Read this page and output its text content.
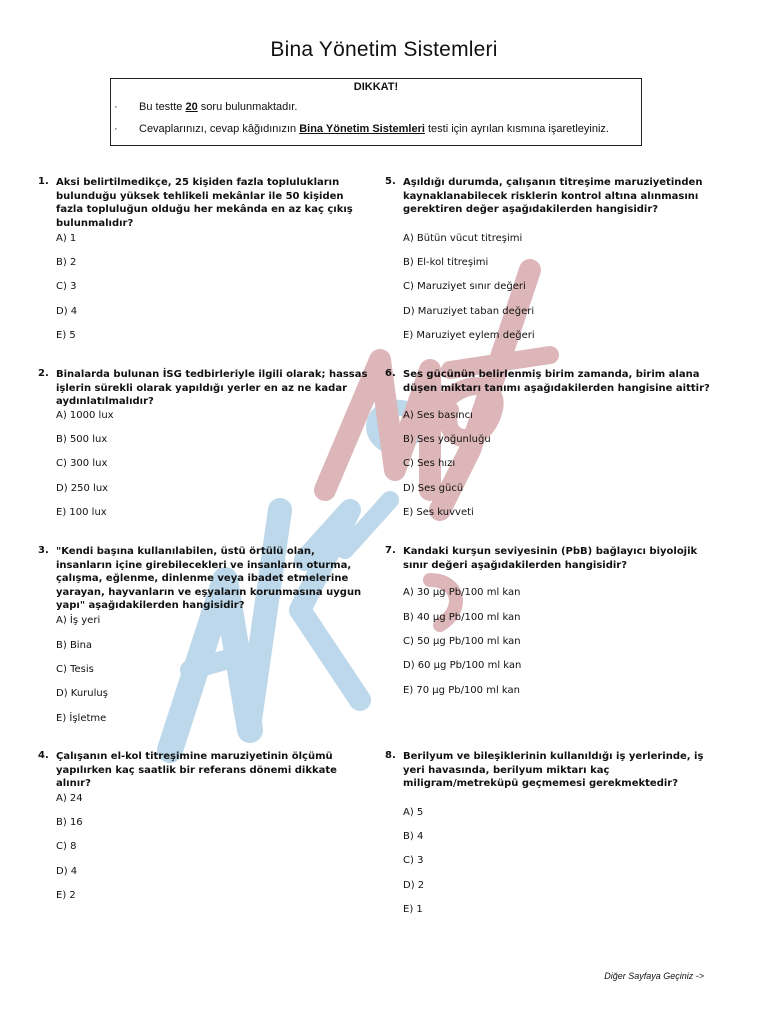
Bina Yönetim Sistemleri
DIKKAT!
· Bu testte 20 soru bulunmaktadır.
· Cevaplarınızı, cevap kâğıdınızın Bina Yönetim Sistemleri testi için ayrılan kısmına işaretleyiniz.
1. Aksi belirtilmedikçe, 25 kişiden fazla toplulukların bulunduğu yüksek tehlikeli mekânlar ile 50 kişiden fazla topluluğun olduğu her mekânda en az kaç çıkış bulunmalıdır?
A) 1
B) 2
C) 3
D) 4
E) 5
2. Binalarda bulunan İSG tedbirleriyle ilgili olarak; hassas işlerin sürekli olarak yapıldığı yerler en az ne kadar aydınlatılmalıdır?
A) 1000 lux
B) 500 lux
C) 300 lux
D) 250 lux
E) 100 lux
3. "Kendi başına kullanılabilen, üstü örtülü olan, insanların içine girebilecekleri ve insanların oturma, çalışma, eğlenme, dinlenme veya ibadet etmelerine yarayan, hayvanların ve eşyaların korunmasına uygun yapı" aşağıdakilerden hangisidir?
A) İş yeri
B) Bina
C) Tesis
D) Kuruluş
E) İşletme
4. Çalışanın el-kol titreşimine maruziyetinin ölçümü yapılırken kaç saatlik bir referans dönemi dikkate alınır?
A) 24
B) 16
C) 8
D) 4
E) 2
5. Aşıldığı durumda, çalışanın titreşime maruziyetinden kaynaklanabilecek risklerin kontrol altına alınmasını gerektiren değer aşağıdakilerden hangisidir?
A) Bütün vücut titreşimi
B) El-kol titreşimi
C) Maruziyet sınır değeri
D) Maruziyet taban değeri
E) Maruziyet eylem değeri
6. Ses gücünün belirlenmiş birim zamanda, birim alana düşen miktarı tanımı aşağıdakilerden hangisine aittir?
A) Ses basıncı
B) Ses yoğunluğu
C) Ses hızı
D) Ses gücü
E) Ses kuvveti
7. Kandaki kurşun seviyesinin (PbB) bağlayıcı biyolojik sınır değeri aşağıdakilerden hangisidir?
A) 30 µg Pb/100 ml kan
B) 40 µg Pb/100 ml kan
C) 50 µg Pb/100 ml kan
D) 60 µg Pb/100 ml kan
E) 70 µg Pb/100 ml kan
8. Berilyum ve bileşiklerinin kullanıldığı iş yerlerinde, iş yeri havasında, berilyum miktarı kaç miligram/metreküpü geçmemesi gerekmektedir?
A) 5
B) 4
C) 3
D) 2
E) 1
Diğer Sayfaya Geçiniz ->
